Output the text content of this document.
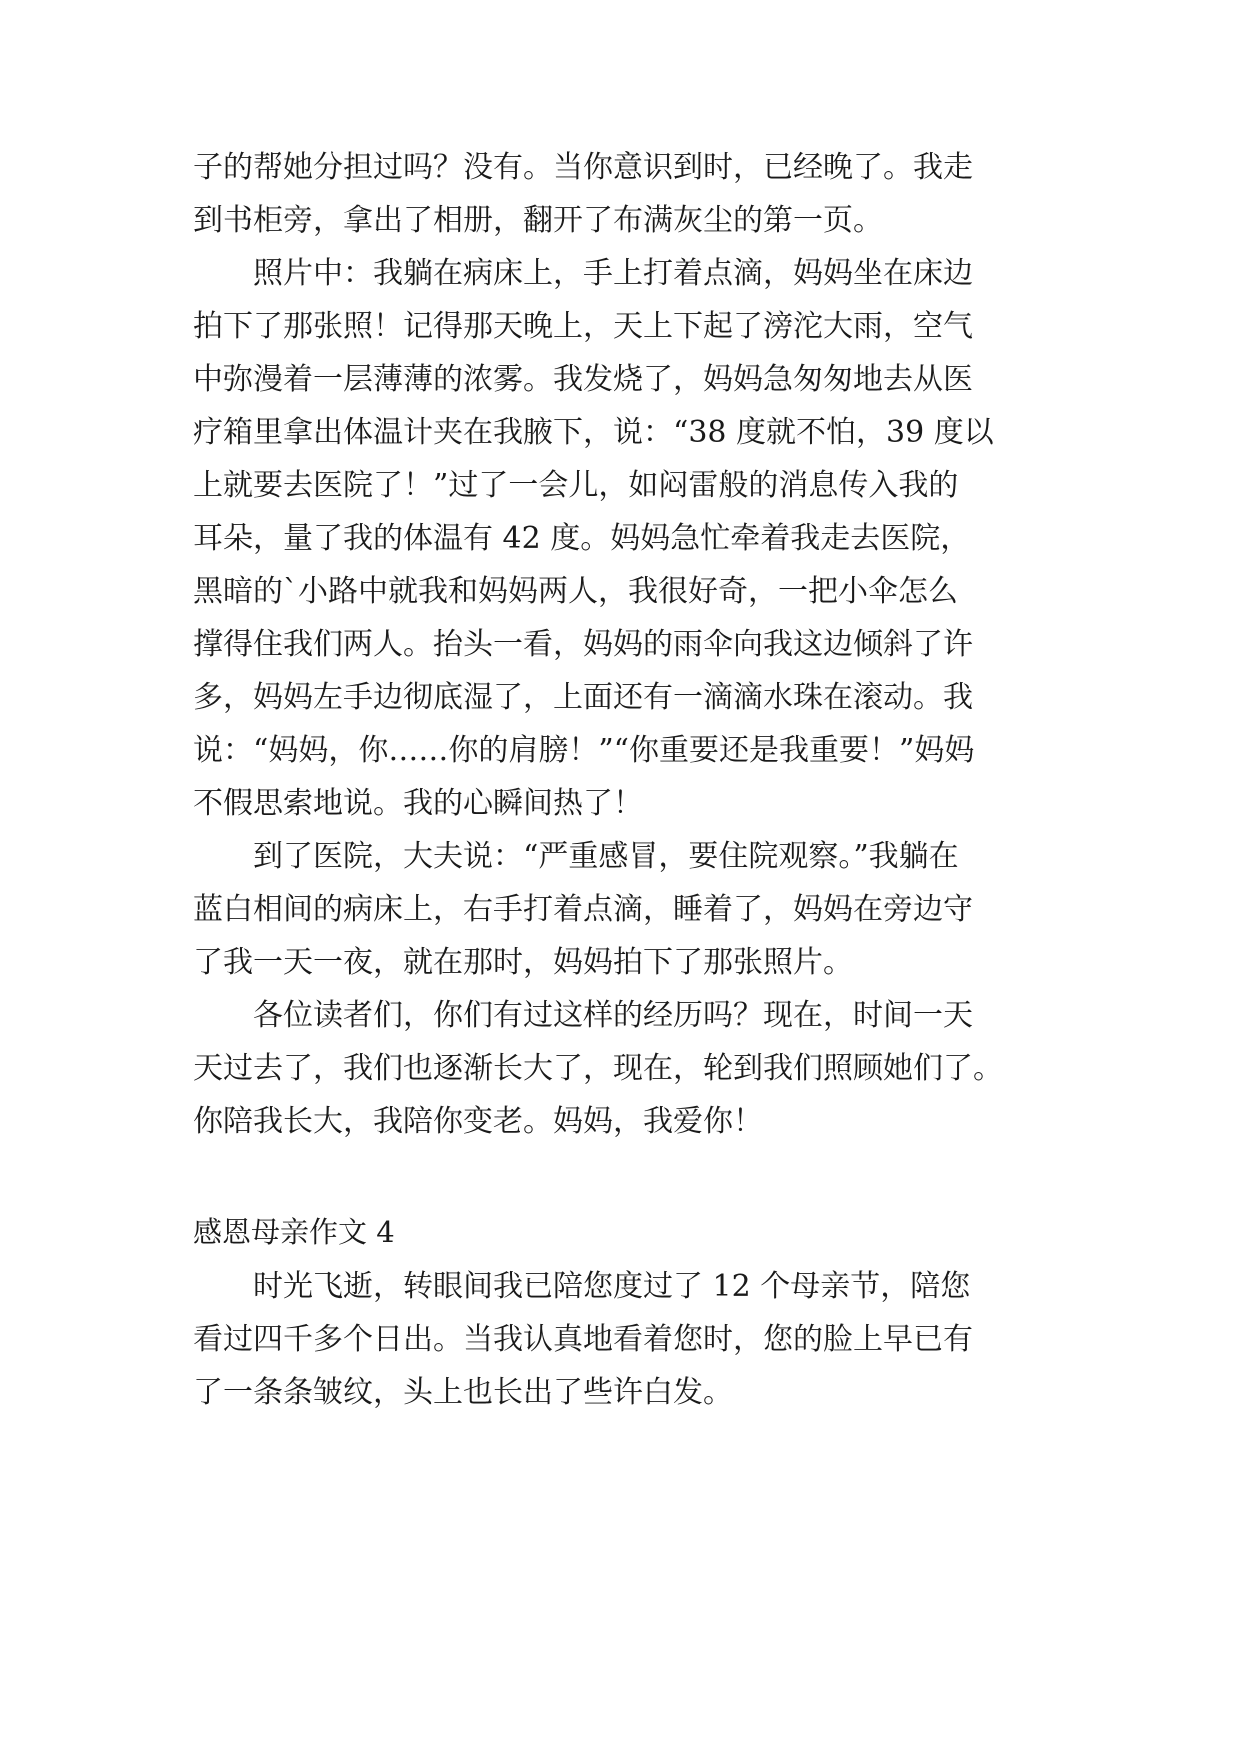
子的帮她分担过吗？没有。当你意识到时，已经晚了。我走

到书柜旁，拿出了相册，翻开了布满灰尘的第一页。

　　照片中：我躺在病床上，手上打着点滴，妈妈坐在床边

拍下了那张照！记得那天晚上，天上下起了滂沱大雨，空气

中弥漫着一层薄薄的浓雾。我发烧了，妈妈急匆匆地去从医

疗箱里拿出体温计夹在我腋下，说：“38 度就不怕，39 度以

上就要去医院了！”过了一会儿，如闷雷般的消息传入我的

耳朵，量了我的体温有 42 度。妈妈急忙牵着我走去医院，

黑暗的`小路中就我和妈妈两人，我很好奇，一把小伞怎么

撑得住我们两人。抬头一看，妈妈的雨伞向我这边倾斜了许

多，妈妈左手边彻底湿了，上面还有一滴滴水珠在滚动。我

说：“妈妈，你……你的肩膀！”“你重要还是我重要！”妈妈

不假思索地说。我的心瞬间热了！

　　到了医院，大夫说：“严重感冒，要住院观察。”我躺在

蓝白相间的病床上，右手打着点滴，睡着了，妈妈在旁边守

了我一天一夜，就在那时，妈妈拍下了那张照片。

　　各位读者们，你们有过这样的经历吗？现在，时间一天

天过去了，我们也逐渐长大了，现在，轮到我们照顾她们了。

你陪我长大，我陪你变老。妈妈，我爱你！

感恩母亲作文 4

　　时光飞逝，转眼间我已陪您度过了 12 个母亲节，陪您

看过四千多个日出。当我认真地看着您时，您的脸上早已有

了一条条皱纹，头上也长出了些许白发。
